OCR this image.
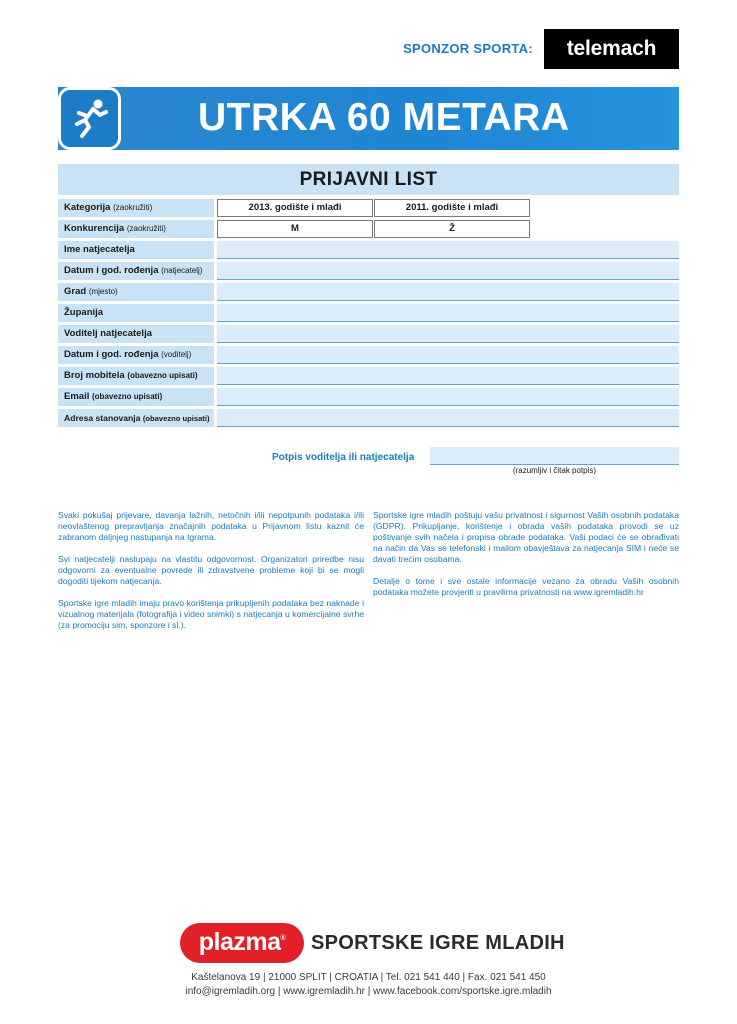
SPONZOR SPORTA:	telemach
UTRKA 60 METARA
PRIJAVNI LIST
Kategorija (zaokružiti)	2013. godište i mlađi	2011. godište i mlađi
Konkurencija (zaokružiti)	M	Ž
Ime natjecatelja
Datum i god. rođenja (natjecatelj)
Grad (mjesto)
Županija
Voditelj natjecatelja
Datum i god. rođenja (voditelj)
Broj mobitela (obavezno upisati)
Email (obavezno upisati)
Adresa stanovanja (obavezno upisati)
Potpis voditelja ili natjecatelja
(razumljiv i čitak potpis)

Svaki pokušaj prijevare, davanja lažnih, netočnih i/ili nepotpunih podataka i/ili neovlaštenog prepravljanja značajnih podataka u Prijavnom listu kaznit će zabranom daljnjeg nastupanja na Igrama.

Svi natjecatelji nastupaju na vlastitu odgovornost. Organizatori priredbe nisu odgovorni za eventualne povrede ili zdravstvene probleme koji bi se mogli dogoditi tijekom natjecanja.

Sportske igre mladih imaju pravo korištenja prikupljenih podataka bez naknade i vizualnog materijala (fotografija i video snimki) s natjecanja u komercijalne svrhe (za promociju sim, sponzore i sl.).

Sportske igre mladih poštuju vašu privatnost i sigurnost Vaših osobnih podataka (GDPR). Prikupljanje, korištenje i obrada vaših podataka provodi se uz poštivanje svih načela i propisa obrade podataka. Vaši podaci će se obrađivati na način da Vas se telefonski i mailom obavještava za natjecanja SIM i neće se davati trećim osobama.

Detalje o tome i sve ostale informacije vezano za obradu Vaših osobnih podataka možete provjeriti u pravilima privatnosti na www.igremladih.hr

plazma®	SPORTSKE IGRE MLADIH
Kaštelanova 19 | 21000 SPLIT | CROATIA | Tel. 021 541 440 | Fax. 021 541 450
info@igremladih.org | www.igremladih.hr | www.facebook.com/sportske.igre.mladih
